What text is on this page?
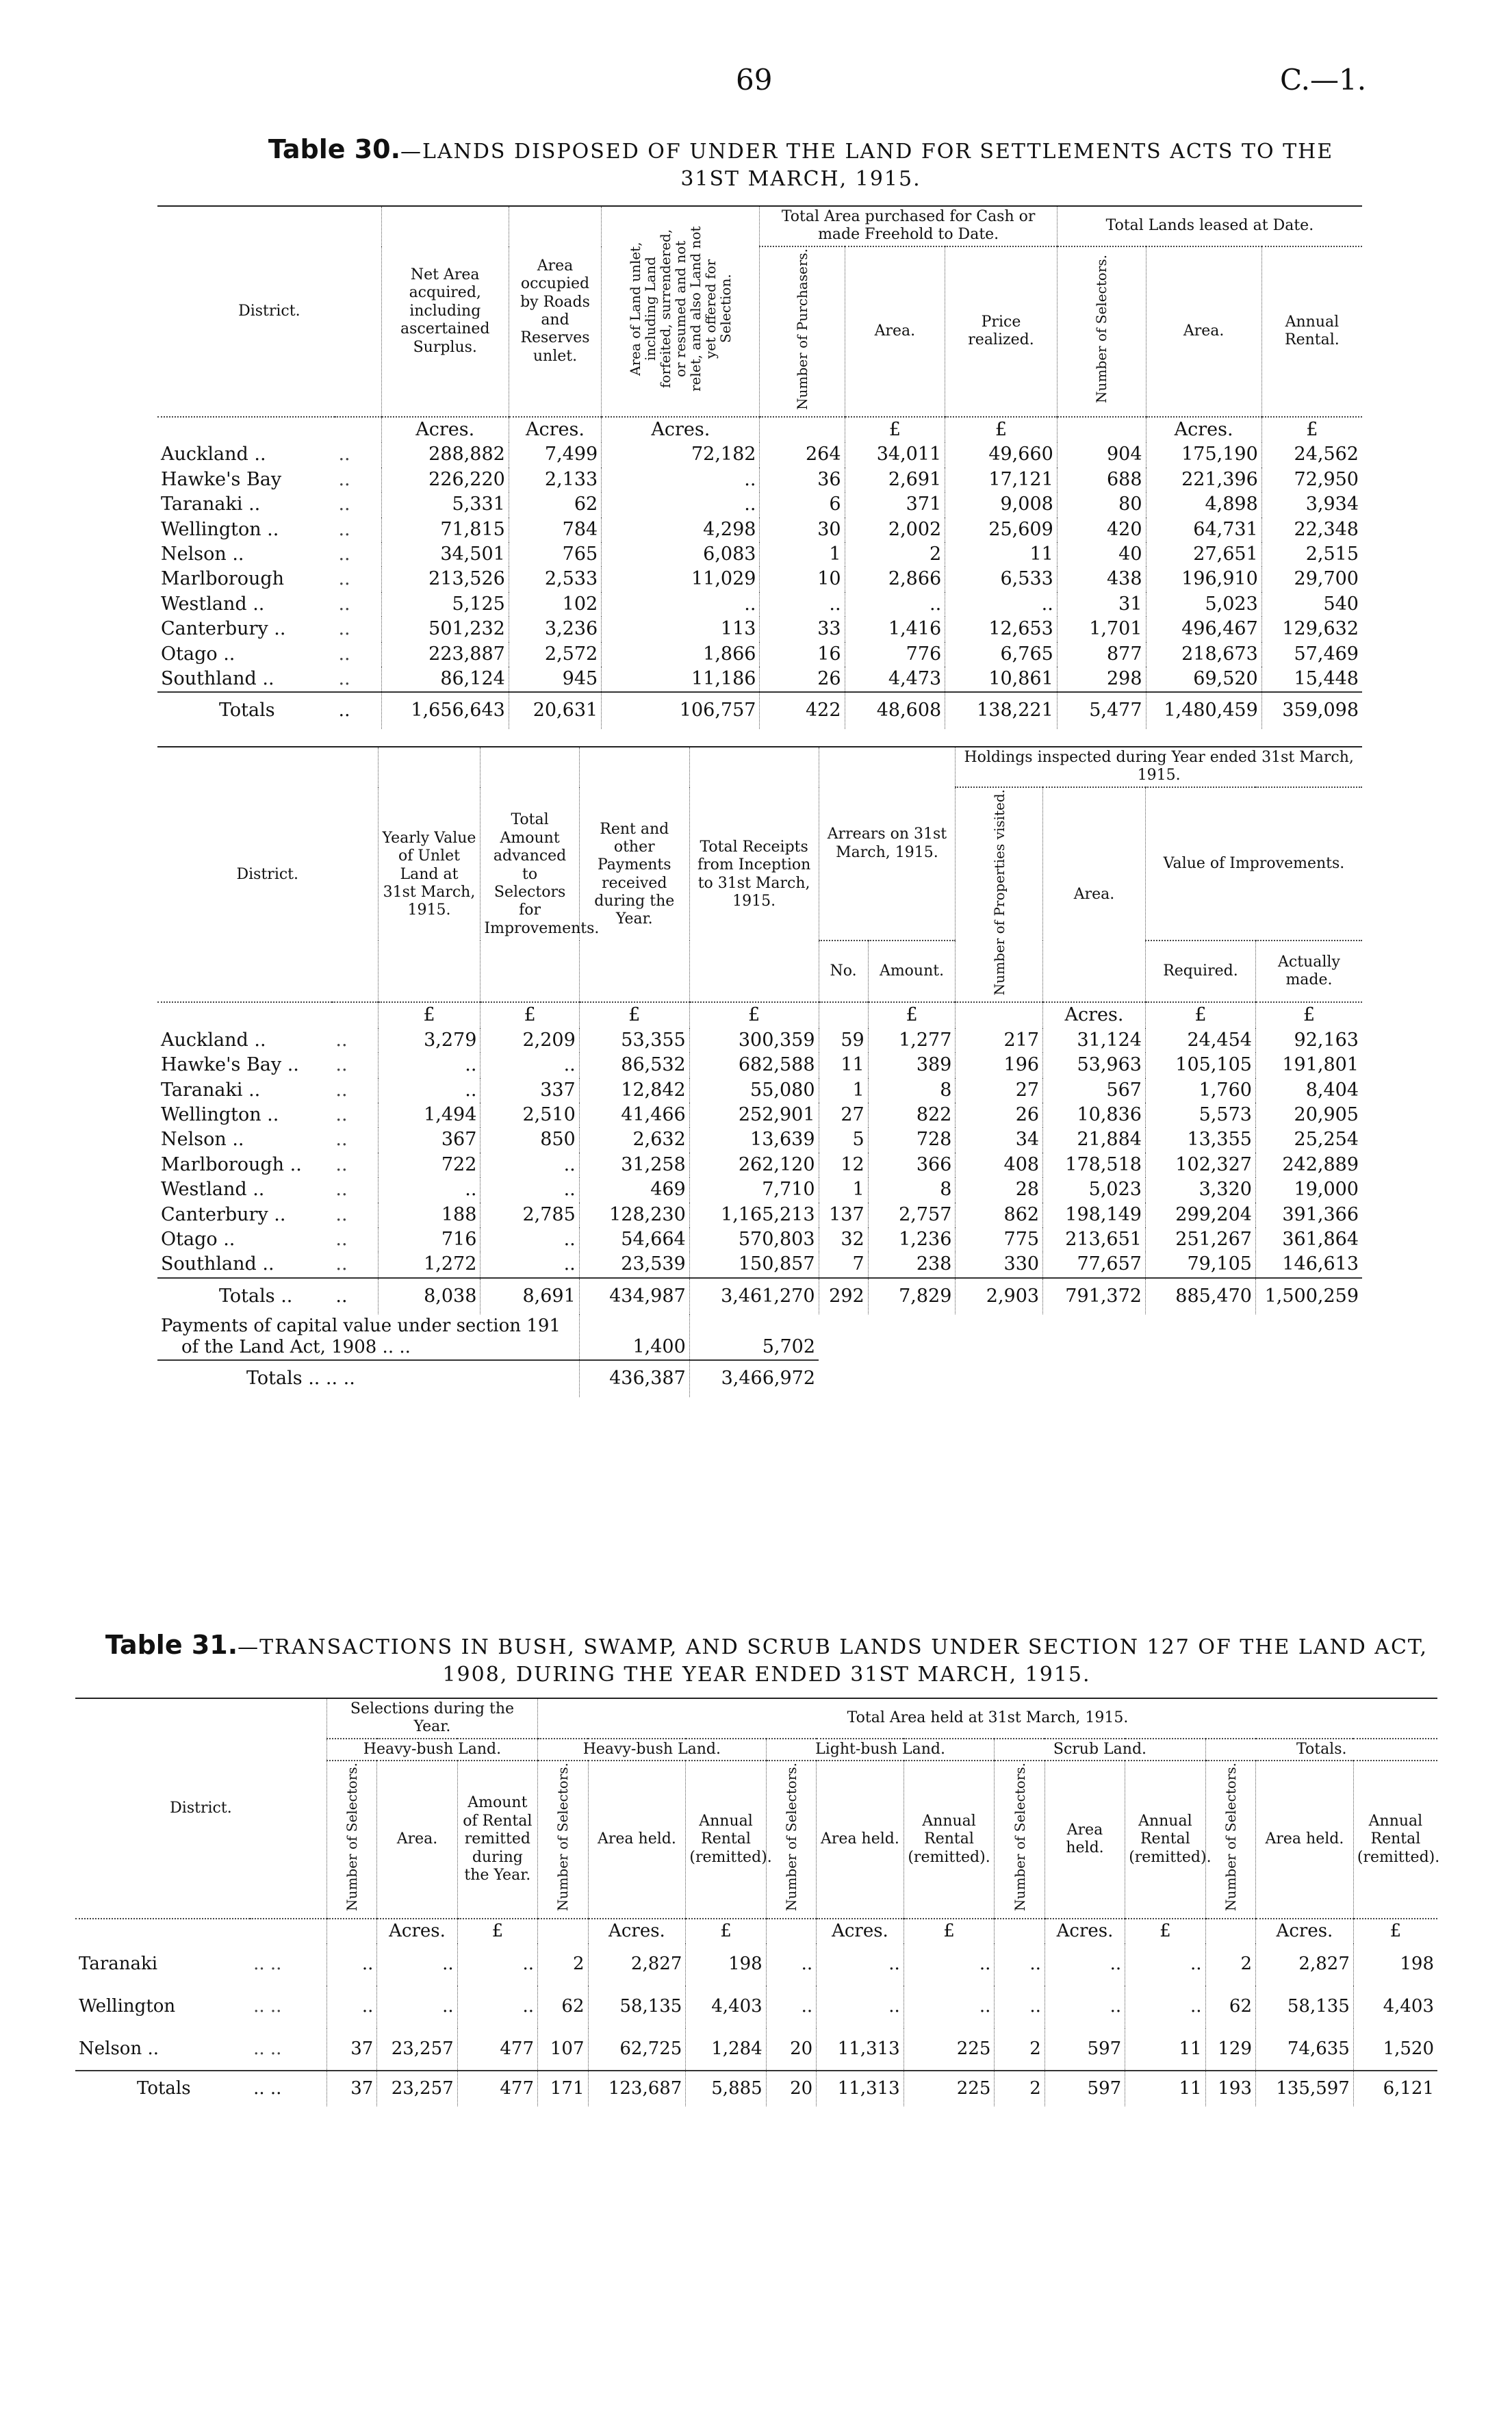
69	C.—1.
Table 30.—LANDS DISPOSED OF UNDER THE LAND FOR SETTLEMENTS ACTS TO THE
31ST MARCH, 1915.
District.		Net Area acquired, including ascertained Surplus.	Area occupied by Roads and Reserves unlet.	Area of Land unlet, including Land forfeited, surrendered, or resumed and not relet, and also Land not yet offered for Selection.	Total Area purchased for Cash or made Freehold to Date.			Total Lands leased at Date.		
					Number of Purchasers.	Area.	Price realized.	Number of Selectors.	Area.	Annual Rental.
		Acres.	Acres.	Acres.		£	£		Acres.	£
Auckland ..	..	288,882	7,499	72,182	264	34,011	49,660	904	175,190	24,562
Hawke's Bay	..	226,220	2,133	..	36	2,691	17,121	688	221,396	72,950
Taranaki ..	..	5,331	62	..	6	371	9,008	80	4,898	3,934
Wellington ..	..	71,815	784	4,298	30	2,002	25,609	420	64,731	22,348
Nelson ..	..	34,501	765	6,083	1	2	11	40	27,651	2,515
Marlborough	..	213,526	2,533	11,029	10	2,866	6,533	438	196,910	29,700
Westland ..	..	5,125	102	..	..	..	..	31	5,023	540
Canterbury ..	..	501,232	3,236	113	33	1,416	12,653	1,701	496,467	129,632
Otago ..	..	223,887	2,572	1,866	16	776	6,765	877	218,673	57,469
Southland ..	..	86,124	945	11,186	26	4,473	10,861	298	69,520	15,448
Totals	..	1,656,643	20,631	106,757	422	48,608	138,221	5,477	1,480,459	359,098
District.		Yearly Value of Unlet Land at 31st March, 1915.	Total Amount advanced to Selectors for Improvements.	Rent and other Payments received during the Year.	Total Receipts from Inception to 31st March, 1915.	Arrears on 31st March, 1915.		Holdings inspected during Year ended 31st March, 1915.			
								Number of Properties visited.	Area.	Value of Improvements.	
						No.	Amount.			Required.	Actually made.
		£	£	£	£		£		Acres.	£	£
Auckland ..	..	3,279	2,209	53,355	300,359	59	1,277	217	31,124	24,454	92,163
Hawke's Bay ..	..	..	..	86,532	682,588	11	389	196	53,963	105,105	191,801
Taranaki ..	..	..	337	12,842	55,080	1	8	27	567	1,760	8,404
Wellington ..	..	1,494	2,510	41,466	252,901	27	822	26	10,836	5,573	20,905
Nelson ..	..	367	850	2,632	13,639	5	728	34	21,884	13,355	25,254
Marlborough ..	..	722	..	31,258	262,120	12	366	408	178,518	102,327	242,889
Westland ..	..	..	..	469	7,710	1	8	28	5,023	3,320	19,000
Canterbury ..	..	188	2,785	128,230	1,165,213	137	2,757	862	198,149	299,204	391,366
Otago ..	..	716	..	54,664	570,803	32	1,236	775	213,651	251,267	361,864
Southland ..	..	1,272	..	23,539	150,857	7	238	330	77,657	79,105	146,613
Totals ..	..	8,038	8,691	434,987	3,461,270	292	7,829	2,903	791,372	885,470	1,500,259
Payments of capital value under section 191
of the Land Act, 1908 .. ..				1,400	5,702						
Totals .. .. ..				436,387	3,466,972						
Table 31.—TRANSACTIONS IN BUSH, SWAMP, AND SCRUB LANDS UNDER SECTION 127 OF THE LAND ACT,
1908, DURING THE YEAR ENDED 31ST MARCH, 1915.
District.		Selections during the Year.			Total Area held at 31st March, 1915.											
		Heavy-bush Land.			Heavy-bush Land.			Light-bush Land.			Scrub Land.			Totals.		
		Number of Selectors.	Area.	Amount of Rental remitted during the Year.	Number of Selectors.	Area held.	Annual Rental (remitted).	Number of Selectors.	Area held.	Annual Rental (remitted).	Number of Selectors.	Area held.	Annual Rental (remitted).	Number of Selectors.	Area held.	Annual Rental (remitted).
			Acres.	£		Acres.	£		Acres.	£		Acres.	£		Acres.	£
Taranaki	.. ..	..	..	..	2	2,827	198	..	..	..	..	..	..	2	2,827	198
Wellington	.. ..	..	..	..	62	58,135	4,403	..	..	..	..	..	..	62	58,135	4,403
Nelson ..	.. ..	37	23,257	477	107	62,725	1,284	20	11,313	225	2	597	11	129	74,635	1,520
Totals	.. ..	37	23,257	477	171	123,687	5,885	20	11,313	225	2	597	11	193	135,597	6,121
